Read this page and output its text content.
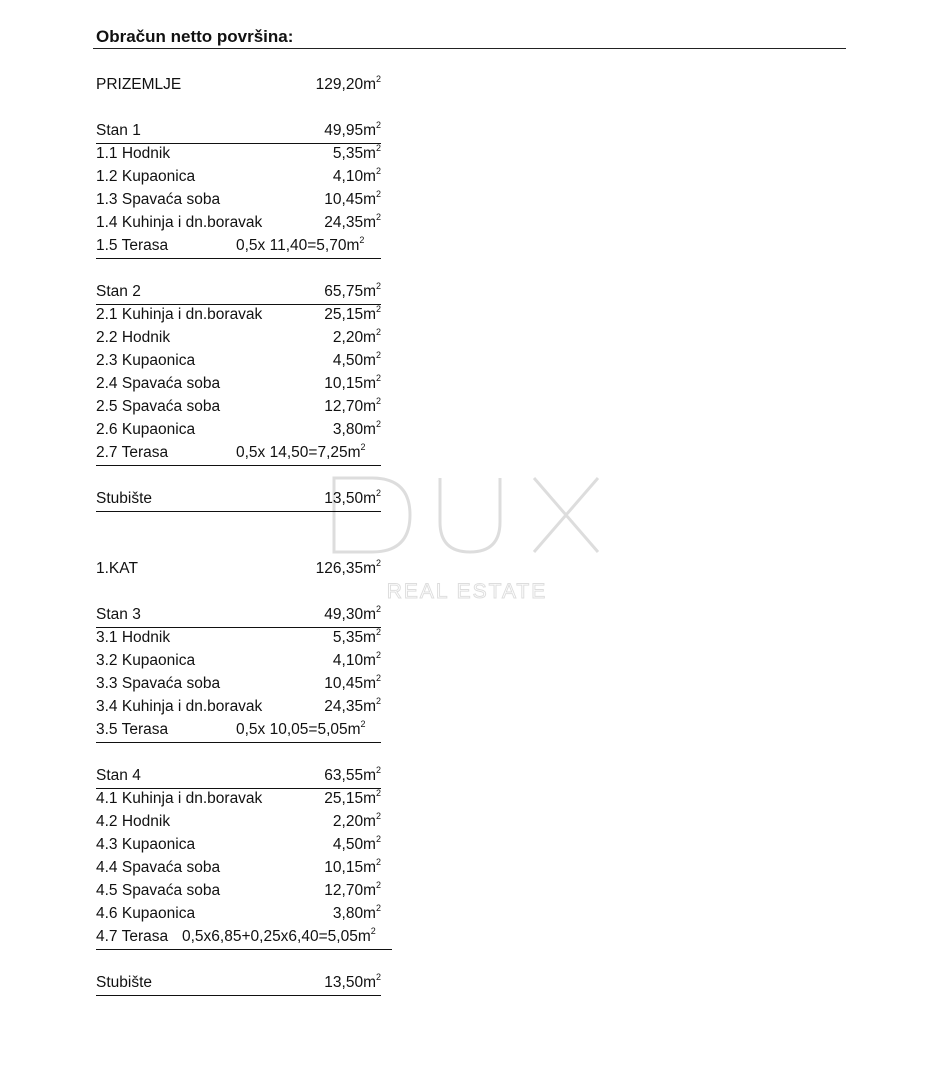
Obračun netto površina:
PRIZEMLJE	$129,20m^2$
Stan 1	$49,95m^2$
1.1 Hodnik	$5,35m^2$
1.2 Kupaonica	$4,10m^2$
1.3 Spavaća soba	$10,45m^2$
1.4 Kuhinja i dn.boravak	$24,35m^2$
1.5 Terasa	0,5x $11,40=5,70m^2$
Stan 2	$65,75m^2$
2.1 Kuhinja i dn.boravak	$25,15m^2$
2.2 Hodnik	$2,20m^2$
2.3 Kupaonica	$4,50m^2$
2.4 Spavaća soba	$10,15m^2$
2.5 Spavaća soba	$12,70m^2$
2.6 Kupaonica	$3,80m^2$
2.7 Terasa	0,5x $14,50=7,25m^2$
Stubište	$13,50m^2$
1.KAT	$126,35m^2$
Stan 3	$49,30m^2$
3.1 Hodnik	$5,35m^2$
3.2 Kupaonica	$4,10m^2$
3.3 Spavaća soba	$10,45m^2$
3.4 Kuhinja i dn.boravak	$24,35m^2$
3.5 Terasa	0,5x $10,05=5,05m^2$
Stan 4	$63,55m^2$
4.1 Kuhinja i dn.boravak	$25,15m^2$
4.2 Hodnik	$2,20m^2$
4.3 Kupaonica	$4,50m^2$
4.4 Spavaća soba	$10,15m^2$
4.5 Spavaća soba	$12,70m^2$
4.6 Kupaonica	$3,80m^2$
4.7 Terasa $0,5x6,85+0,25x6,40=5,05m^2$
Stubište	$13,50m^2$
REAL ESTATE
